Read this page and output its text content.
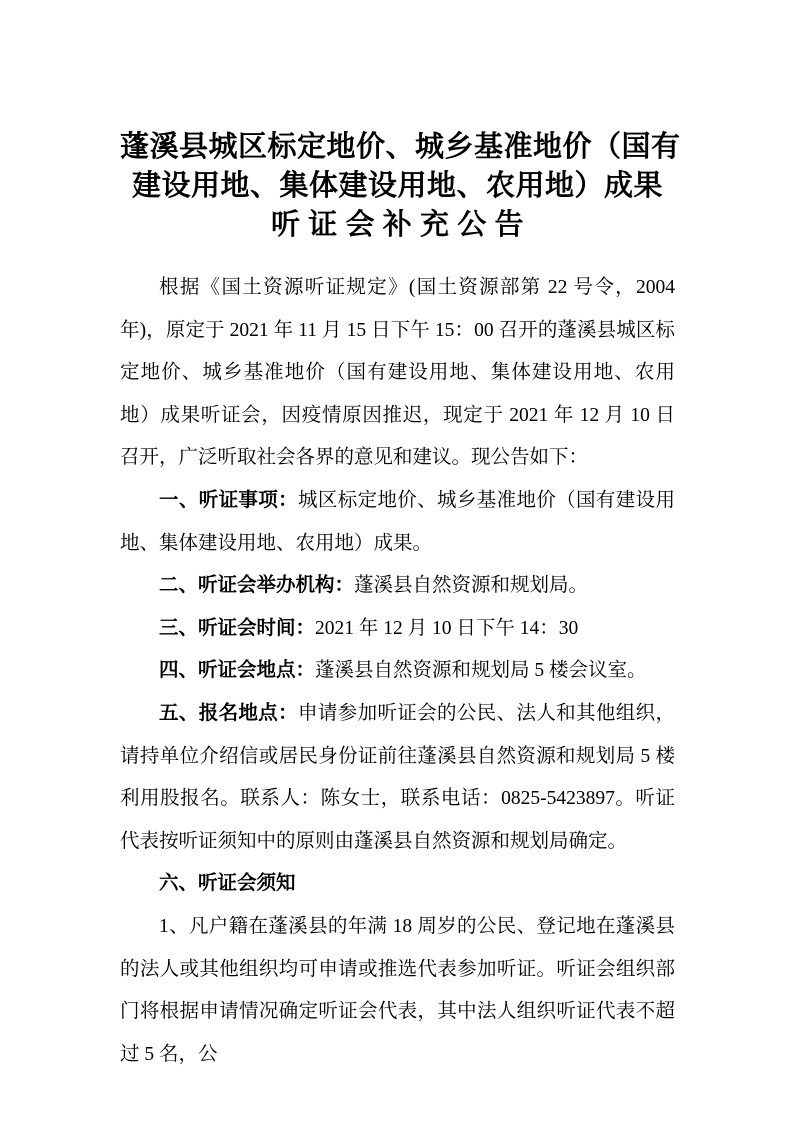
蓬溪县城区标定地价、城乡基准地价（国有
建设用地、集体建设用地、农用地）成果
听 证 会 补 充 公 告

根据《国土资源听证规定》(国土资源部第 22 号令，2004 年)，原定于 2021 年 11 月 15 日下午 15：00 召开的蓬溪县城区标定地价、城乡基准地价（国有建设用地、集体建设用地、农用地）成果听证会，因疫情原因推迟，现定于 2021 年 12 月 10 日召开，广泛听取社会各界的意见和建议。现公告如下：

一、听证事项：城区标定地价、城乡基准地价（国有建设用地、集体建设用地、农用地）成果。

二、听证会举办机构：蓬溪县自然资源和规划局。

三、听证会时间：2021 年 12 月 10 日下午 14：30

四、听证会地点：蓬溪县自然资源和规划局 5 楼会议室。

五、报名地点：申请参加听证会的公民、法人和其他组织，请持单位介绍信或居民身份证前往蓬溪县自然资源和规划局 5 楼利用股报名。联系人：陈女士，联系电话：0825-5423897。听证代表按听证须知中的原则由蓬溪县自然资源和规划局确定。

六、听证会须知

1、凡户籍在蓬溪县的年满 18 周岁的公民、登记地在蓬溪县的法人或其他组织均可申请或推选代表参加听证。听证会组织部门将根据申请情况确定听证会代表，其中法人组织听证代表不超过 5 名，公
